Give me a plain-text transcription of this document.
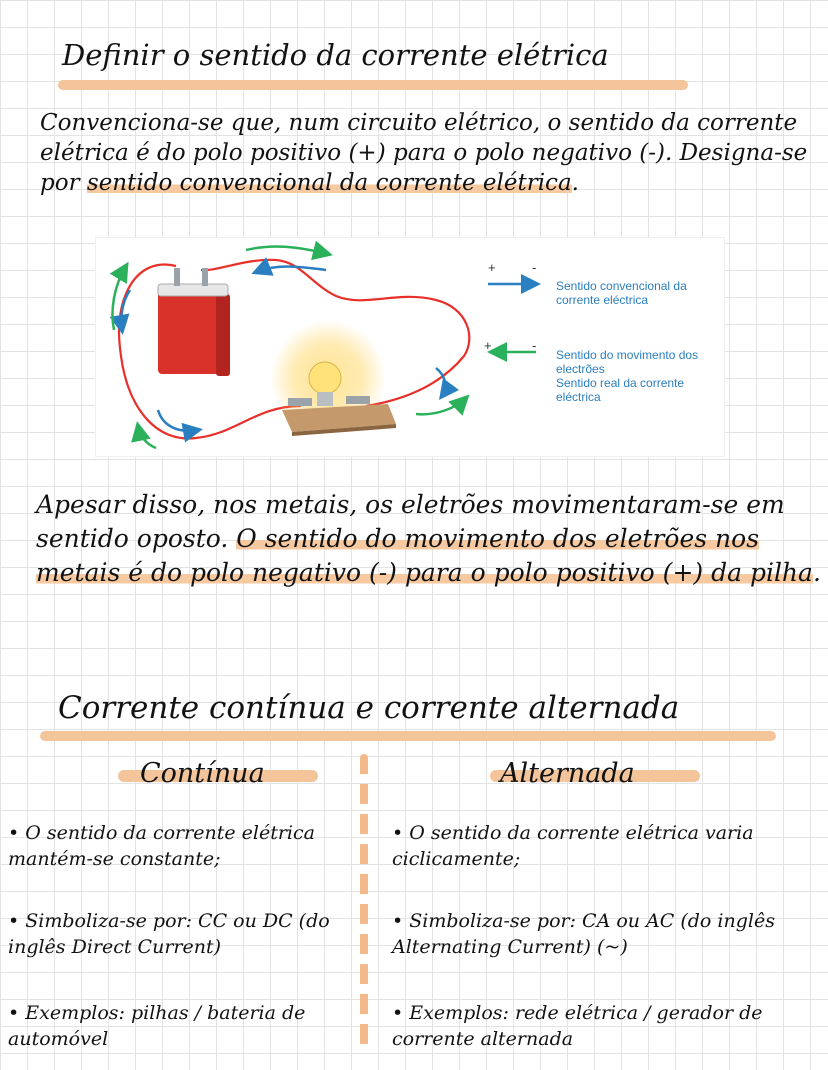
Definir o sentido da corrente elétrica
Convenciona-se que, num circuito elétrico, o sentido da corrente elétrica é do polo positivo (+) para o polo negativo (-). Designa-se por sentido convencional da corrente elétrica.
+	-
+	-
Sentido convencional da corrente eléctrica
Sentido do movimento dos electrões
Sentido real da corrente eléctrica
Apesar disso, nos metais, os eletrões movimentaram-se em sentido oposto. O sentido do movimento dos eletrões nos metais é do polo negativo (-) para o polo positivo (+) da pilha.
Corrente contínua e corrente alternada
Contínua	Alternada
• O sentido da corrente elétrica mantém-se constante;
• Simboliza-se por: CC ou DC (do inglês Direct Current)
• Exemplos: pilhas / bateria de automóvel
• O sentido da corrente elétrica varia ciclicamente;
• Simboliza-se por: CA ou AC (do inglês Alternating Current) (~)
• Exemplos: rede elétrica / gerador de corrente alternada
